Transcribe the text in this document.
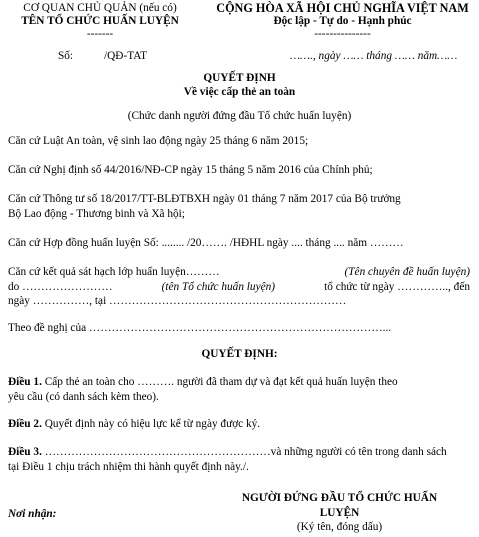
CƠ QUAN CHỦ QUẢN (nếu có)
TÊN TỔ CHỨC HUẤN LUYỆN
-------
CỘNG HÒA XÃ HỘI CHỦ NGHĨA VIỆT NAM
Độc lập - Tự do - Hạnh phúc
---------------
Số:	/QĐ-TAT	……., ngày …… tháng …… năm……
QUYẾT ĐỊNH
Về việc cấp thẻ an toàn
(Chức danh người đứng đầu Tổ chức huấn luyện)
Căn cứ Luật An toàn, vệ sinh lao động ngày 25 tháng 6 năm 2015;
Căn cứ Nghị định số 44/2016/NĐ-CP ngày 15 tháng 5 năm 2016 của Chính phủ;
Căn cứ Thông tư số 18/2017/TT-BLĐTBXH ngày 01 tháng 7 năm 2017 của Bộ trưởng
Bộ Lao động - Thương binh và Xã hội;
Căn cứ Hợp đồng huấn luyện Số: ........ /20……. /HĐHL ngày .... tháng .... năm ………
Căn cứ kết quả sát hạch lớp huấn luyện………	(Tên chuyên đề huấn luyện)
do ……………………	(tên Tổ chức huấn luyện)	tổ chức từ ngày ………….., đến
ngày ……………, tại ………………………………………………………
Theo đề nghị của ……………………………………………………………………...
QUYẾT ĐỊNH:
Điều 1. Cấp thẻ an toàn cho ………. người đã tham dự và đạt kết quả huấn luyện theo
yêu cầu (có danh sách kèm theo).
Điều 2. Quyết định này có hiệu lực kể từ ngày được ký.
Điều 3. ……………………………………………………và những người có tên trong danh sách
tại Điều 1 chịu trách nhiệm thi hành quyết định này./.
Nơi nhận:
NGƯỜI ĐỨNG ĐẦU TỔ CHỨC HUẤN
LUYỆN
(Ký tên, đóng dấu)
